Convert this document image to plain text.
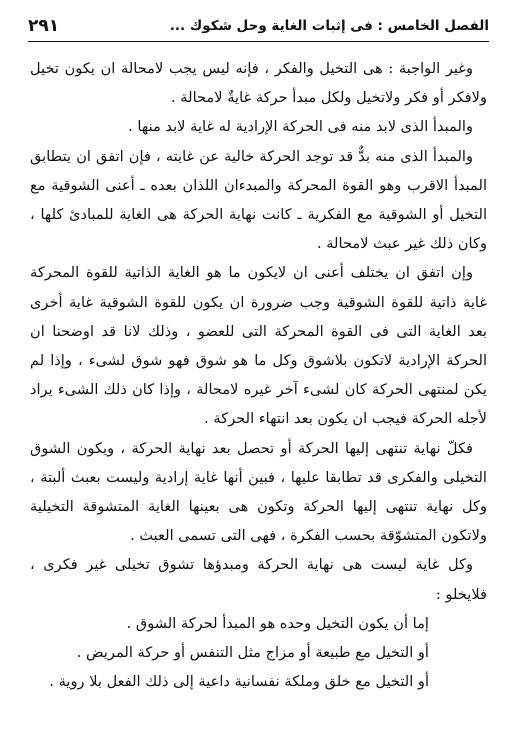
الفصل الخامس : فى إثبات الغاية وحل شكوك ...
٢٩١

وغير الواجبة : هى التخيل والفكر ، فإنه ليس يجب لامحالة ان يكون تخيل ولافكر أو فكر ولاتخيل ولكل مبدأ حركة غايةٌ لامحالة .

والمبدأ الذى لابد منه فى الحركة الإرادية له غاية لابد منها .

والمبدأ الذى منه بدٌّ قد توجد الحركة خالية عن غايته ، فإن اتفق ان يتطابق المبدأ الاقرب وهو القوة المحركة والمبدءان اللذان بعده ـ أعنى الشوقية مع التخيل أو الشوقية مع الفكرية ـ كانت نهاية الحركة هى الغاية للمبادئ كلها ، وكان ذلك غير عبث لامحالة .

وإن اتفق ان يختلف أعنى ان لايكون ما هو الغاية الذاتية للقوة المحركة غاية ذاتية للقوة الشوقية وجب ضرورة ان يكون للقوة الشوقية غاية أخرى بعد الغاية التى فى القوة المحركة التى للعضو ، وذلك لانا قد اوضحنا ان الحركة الإرادية لاتكون بلاشوق وكل ما هو شوق فهو شوق لشىء ، وإذا لم يكن لمنتهى الحركة كان لشىء آخر غيره لامحالة ، وإذا كان ذلك الشىء يراد لأجله الحركة فيجب ان يكون بعد انتهاء الحركة .

فكلّ نهاية تنتهى إليها الحركة أو تحصل بعد نهاية الحركة ، ويكون الشوق التخيلى والفكرى قد تطابقا عليها ، فبين أنها غاية إرادية وليست بعبث ألبتة ، وكل نهاية تنتهى إليها الحركة وتكون هى بعينها الغاية المتشوقة التخيلية ولاتكون المتشوّقة بحسب الفكرة ، فهى التى تسمى العبث .

وكل غاية ليست هى نهاية الحركة ومبدؤها تشوق تخيلى غير فكرى ، فلايخلو :

إما أن يكون التخيل وحده هو المبدأ لحركة الشوق .

أو التخيل مع طبيعة أو مزاج مثل التنفس أو حركة المريض .

أو التخيل مع خلق وملكة نفسانية داعية إلى ذلك الفعل بلا روية .
